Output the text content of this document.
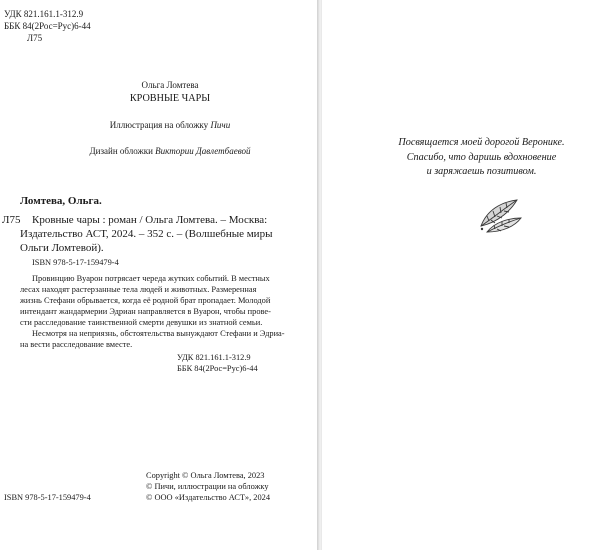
УДК 821.161.1-312.9
ББК 84(2Рос=Рус)6-44
Л75
Ольга Ломтева
КРОВНЫЕ ЧАРЫ
Иллюстрация на обложку Пичи
Дизайн обложки Виктории Давлетбаевой
Ломтева, Ольга.
Л75 Кровные чары : роман / Ольга Ломтева. – Москва:
Издательство АСТ, 2024. – 352 с. – (Волшебные миры
Ольги Ломтевой).
ISBN 978-5-17-159479-4
Провинцию Вуарон потрясает череда жутких событий. В местных
лесах находят растерзанные тела людей и животных. Размеренная
жизнь Стефани обрывается, когда её родной брат пропадает. Молодой
интендант жандармерии Эдриан направляется в Вуарон, чтобы прове-
сти расследование таинственной смерти девушки из знатной семьи.
Несмотря на неприязнь, обстоятельства вынуждают Стефани и Эдриа-
на вести расследование вместе.
УДК 821.161.1-312.9
ББК 84(2Рос=Рус)6-44
Copyright © Ольга Ломтева, 2023
© Пичи, иллюстрации на обложку
ISBN 978-5-17-159479-4	© ООО «Издательство АСТ», 2024
Посвящается моей дорогой Веронике.
Спасибо, что даришь вдохновение
и заряжаешь позитивом.
